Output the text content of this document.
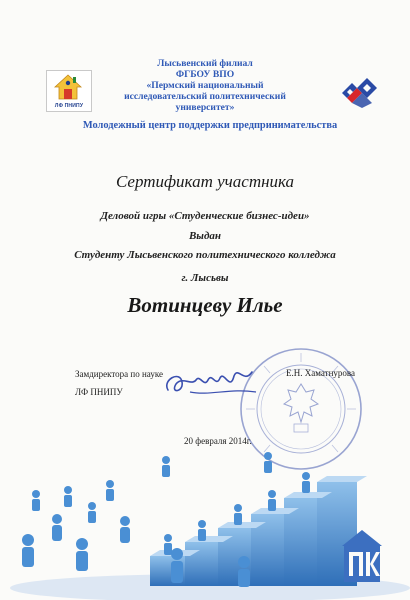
ЛФ ПНИПУ
Лысьвенский филиал
ФГБОУ ВПО
«Пермский национальный
исследовательский политехнический
университет»
Молодежный центр поддержки предпринимательства
Сертификат участника
Деловой игры «Студенческие бизнес-идеи»
Выдан
Студенту Лысьвенского политехнического колледжа
г. Лысьвы
Вотинцеву Илье
Замдиректора по науке
ЛФ ПНИПУ
Е.Н. Хаматнурова
20 февраля 2014г.
